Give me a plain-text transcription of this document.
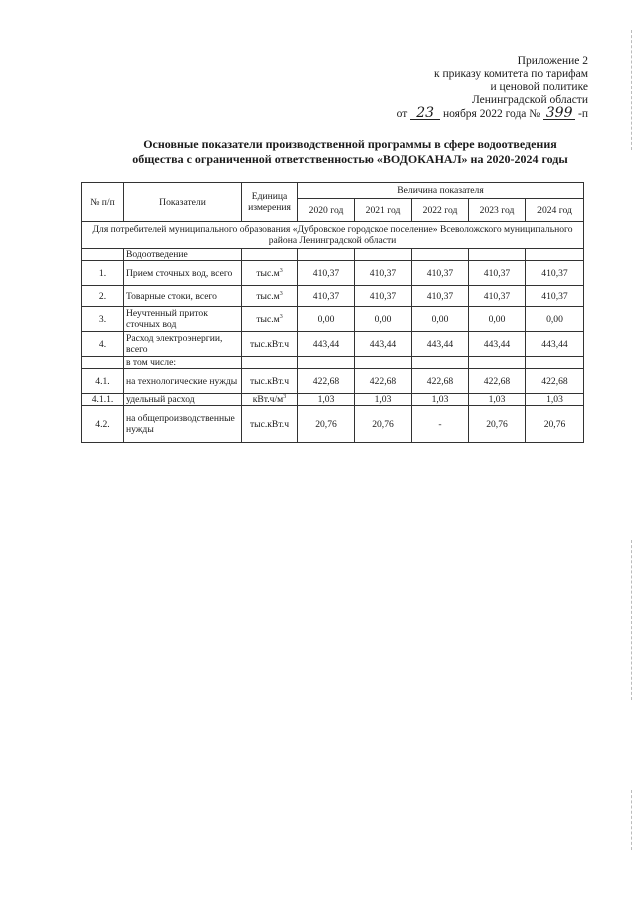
Приложение 2
к приказу комитета по тарифам
и ценовой политике
Ленинградской области
от 23 ноября 2022 года № 399 -п
Основные показатели производственной программы в сфере водоотведения
общества с ограниченной ответственностью «ВОДОКАНАЛ» на 2020-2024 годы
№ п/п	Показатели	Единица измерения	Величина показателя				
			2020 год	2021 год	2022 год	2023 год	2024 год
Для потребителей муниципального образования «Дубровское городское поселение» Всеволожского муниципального района Ленинградской области							
	Водоотведение						
1.	Прием сточных вод, всего	$тыс.м^3$	410,37	410,37	410,37	410,37	410,37
2.	Товарные стоки, всего	$тыс.м^3$	410,37	410,37	410,37	410,37	410,37
3.	Неучтенный приток сточных вод	$тыс.м^3$	0,00	0,00	0,00	0,00	0,00
4.	Расход электроэнергии, всего	тыс.кВт.ч	443,44	443,44	443,44	443,44	443,44
	в том числе:						
4.1.	на технологические нужды	тыс.кВт.ч	422,68	422,68	422,68	422,68	422,68
4.1.1.	удельный расход	$кВт.ч/м^3$	1,03	1,03	1,03	1,03	1,03
4.2.	на общепроизводственные нужды	тыс.кВт.ч	20,76	20,76	-	20,76	20,76
